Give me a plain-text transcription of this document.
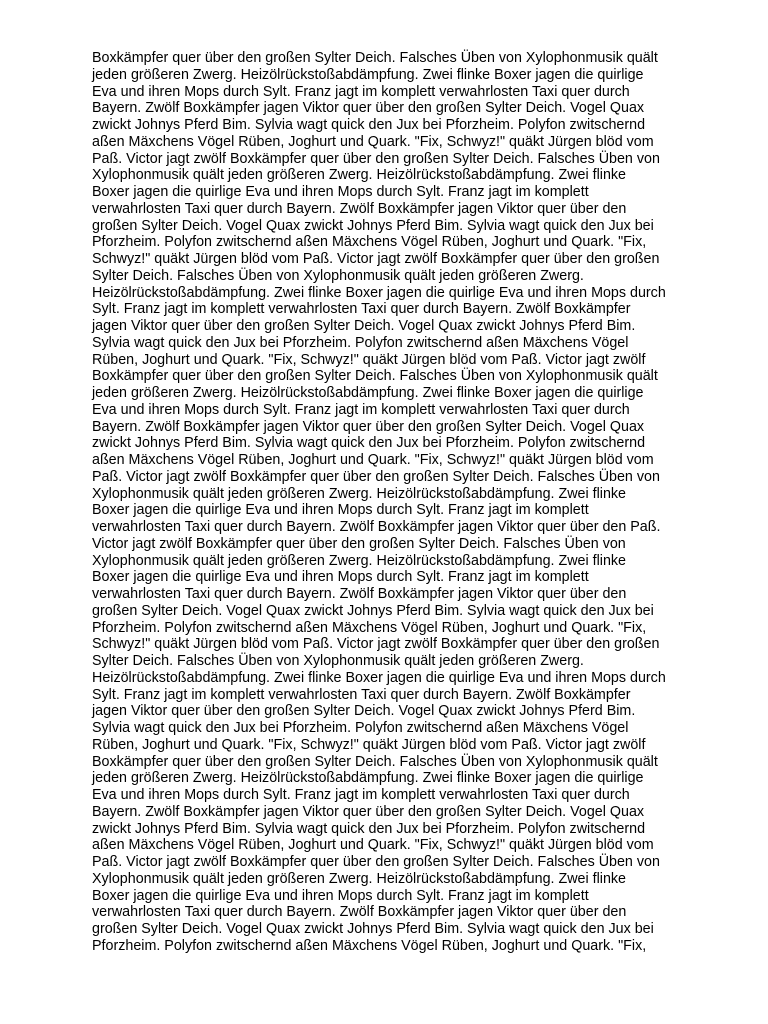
Boxkämpfer quer über den großen Sylter Deich. Falsches Üben von Xylophonmusik quält
jeden größeren Zwerg. Heizölrückstoßabdämpfung. Zwei flinke Boxer jagen die quirlige
Eva und ihren Mops durch Sylt. Franz jagt im komplett verwahrlosten Taxi quer durch
Bayern. Zwölf Boxkämpfer jagen Viktor quer über den großen Sylter Deich. Vogel Quax
zwickt Johnys Pferd Bim. Sylvia wagt quick den Jux bei Pforzheim. Polyfon zwitschernd
aßen Mäxchens Vögel Rüben, Joghurt und Quark. "Fix, Schwyz!" quäkt Jürgen blöd vom
Paß. Victor jagt zwölf Boxkämpfer quer über den großen Sylter Deich. Falsches Üben von
Xylophonmusik quält jeden größeren Zwerg. Heizölrückstoßabdämpfung. Zwei flinke
Boxer jagen die quirlige Eva und ihren Mops durch Sylt. Franz jagt im komplett
verwahrlosten Taxi quer durch Bayern. Zwölf Boxkämpfer jagen Viktor quer über den
großen Sylter Deich. Vogel Quax zwickt Johnys Pferd Bim. Sylvia wagt quick den Jux bei
Pforzheim. Polyfon zwitschernd aßen Mäxchens Vögel Rüben, Joghurt und Quark. "Fix,
Schwyz!" quäkt Jürgen blöd vom Paß. Victor jagt zwölf Boxkämpfer quer über den großen
Sylter Deich. Falsches Üben von Xylophonmusik quält jeden größeren Zwerg.
Heizölrückstoßabdämpfung. Zwei flinke Boxer jagen die quirlige Eva und ihren Mops durch
Sylt. Franz jagt im komplett verwahrlosten Taxi quer durch Bayern. Zwölf Boxkämpfer
jagen Viktor quer über den großen Sylter Deich. Vogel Quax zwickt Johnys Pferd Bim.
Sylvia wagt quick den Jux bei Pforzheim. Polyfon zwitschernd aßen Mäxchens Vögel
Rüben, Joghurt und Quark. "Fix, Schwyz!" quäkt Jürgen blöd vom Paß. Victor jagt zwölf
Boxkämpfer quer über den großen Sylter Deich. Falsches Üben von Xylophonmusik quält
jeden größeren Zwerg. Heizölrückstoßabdämpfung. Zwei flinke Boxer jagen die quirlige
Eva und ihren Mops durch Sylt. Franz jagt im komplett verwahrlosten Taxi quer durch
Bayern. Zwölf Boxkämpfer jagen Viktor quer über den großen Sylter Deich. Vogel Quax
zwickt Johnys Pferd Bim. Sylvia wagt quick den Jux bei Pforzheim. Polyfon zwitschernd
aßen Mäxchens Vögel Rüben, Joghurt und Quark. "Fix, Schwyz!" quäkt Jürgen blöd vom
Paß. Victor jagt zwölf Boxkämpfer quer über den großen Sylter Deich. Falsches Üben von
Xylophonmusik quält jeden größeren Zwerg. Heizölrückstoßabdämpfung. Zwei flinke
Boxer jagen die quirlige Eva und ihren Mops durch Sylt. Franz jagt im komplett
verwahrlosten Taxi quer durch Bayern. Zwölf Boxkämpfer jagen Viktor quer über den Paß.
Victor jagt zwölf Boxkämpfer quer über den großen Sylter Deich. Falsches Üben von
Xylophonmusik quält jeden größeren Zwerg. Heizölrückstoßabdämpfung. Zwei flinke
Boxer jagen die quirlige Eva und ihren Mops durch Sylt. Franz jagt im komplett
verwahrlosten Taxi quer durch Bayern. Zwölf Boxkämpfer jagen Viktor quer über den
großen Sylter Deich. Vogel Quax zwickt Johnys Pferd Bim. Sylvia wagt quick den Jux bei
Pforzheim. Polyfon zwitschernd aßen Mäxchens Vögel Rüben, Joghurt und Quark. "Fix,
Schwyz!" quäkt Jürgen blöd vom Paß. Victor jagt zwölf Boxkämpfer quer über den großen
Sylter Deich. Falsches Üben von Xylophonmusik quält jeden größeren Zwerg.
Heizölrückstoßabdämpfung. Zwei flinke Boxer jagen die quirlige Eva und ihren Mops durch
Sylt. Franz jagt im komplett verwahrlosten Taxi quer durch Bayern. Zwölf Boxkämpfer
jagen Viktor quer über den großen Sylter Deich. Vogel Quax zwickt Johnys Pferd Bim.
Sylvia wagt quick den Jux bei Pforzheim. Polyfon zwitschernd aßen Mäxchens Vögel
Rüben, Joghurt und Quark. "Fix, Schwyz!" quäkt Jürgen blöd vom Paß. Victor jagt zwölf
Boxkämpfer quer über den großen Sylter Deich. Falsches Üben von Xylophonmusik quält
jeden größeren Zwerg. Heizölrückstoßabdämpfung. Zwei flinke Boxer jagen die quirlige
Eva und ihren Mops durch Sylt. Franz jagt im komplett verwahrlosten Taxi quer durch
Bayern. Zwölf Boxkämpfer jagen Viktor quer über den großen Sylter Deich. Vogel Quax
zwickt Johnys Pferd Bim. Sylvia wagt quick den Jux bei Pforzheim. Polyfon zwitschernd
aßen Mäxchens Vögel Rüben, Joghurt und Quark. "Fix, Schwyz!" quäkt Jürgen blöd vom
Paß. Victor jagt zwölf Boxkämpfer quer über den großen Sylter Deich. Falsches Üben von
Xylophonmusik quält jeden größeren Zwerg. Heizölrückstoßabdämpfung. Zwei flinke
Boxer jagen die quirlige Eva und ihren Mops durch Sylt. Franz jagt im komplett
verwahrlosten Taxi quer durch Bayern. Zwölf Boxkämpfer jagen Viktor quer über den
großen Sylter Deich. Vogel Quax zwickt Johnys Pferd Bim. Sylvia wagt quick den Jux bei
Pforzheim. Polyfon zwitschernd aßen Mäxchens Vögel Rüben, Joghurt und Quark. "Fix,
